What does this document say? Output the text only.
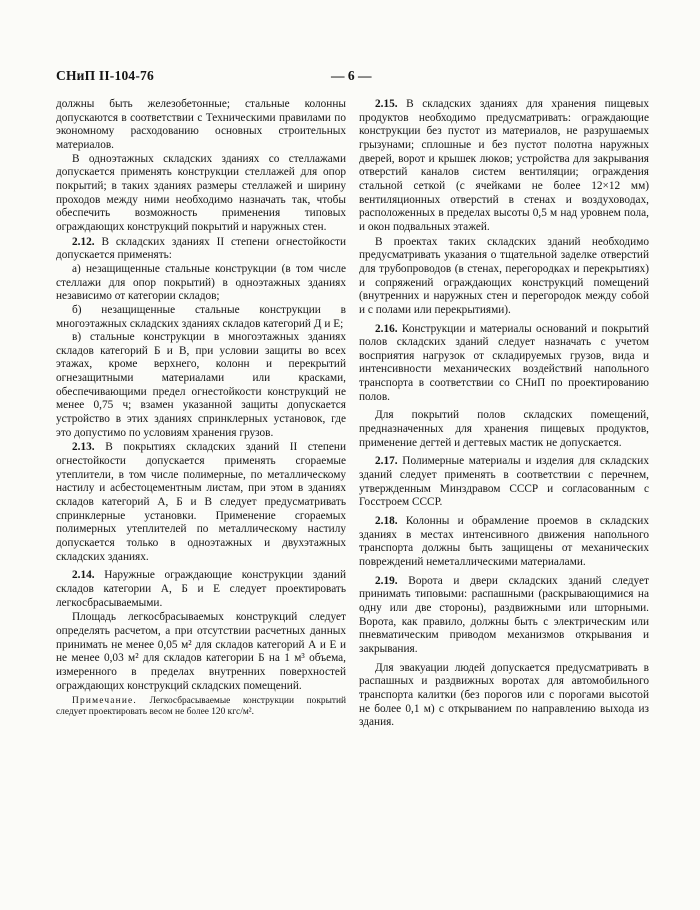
СНиП II-104-76	— 6 —

должны быть железобетонные; стальные колонны допускаются в соответствии с Техническими правилами по экономному расходованию основных строительных материалов.

В одноэтажных складских зданиях со стеллажами допускается применять конструкции стеллажей для опор покрытий; в таких зданиях размеры стеллажей и ширину проходов между ними необходимо назначать так, чтобы обеспечить возможность применения типовых ограждающих конструкций покрытий и наружных стен.

2.12. В складских зданиях II степени огнестойкости допускается применять:

а) незащищенные стальные конструкции (в том числе стеллажи для опор покрытий) в одноэтажных зданиях независимо от категории складов;

б) незащищенные стальные конструкции в многоэтажных складских зданиях складов категорий Д и Е;

в) стальные конструкции в многоэтажных зданиях складов категорий Б и В, при условии защиты во всех этажах, кроме верхнего, колонн и перекрытий огнезащитными материалами или красками, обеспечивающими предел огнестойкости конструкций не менее 0,75 ч; взамен указанной защиты допускается устройство в этих зданиях спринклерных установок, где это допустимо по условиям хранения грузов.

2.13. В покрытиях складских зданий II степени огнестойкости допускается применять сгораемые утеплители, в том числе полимерные, по металлическому настилу и асбестоцементным листам, при этом в зданиях складов категорий А, Б и В следует предусматривать спринклерные установки. Применение сгораемых полимерных утеплителей по металлическому настилу допускается только в одноэтажных и двухэтажных складских зданиях.

2.14. Наружные ограждающие конструкции зданий складов категории А, Б и Е следует проектировать легкосбрасываемыми.

Площадь легкосбрасываемых конструкций следует определять расчетом, а при отсутствии расчетных данных принимать не менее 0,05 м² для складов категорий А и Е и не менее 0,03 м² для складов категории Б на 1 м³ объема, измеренного в пределах внутренних поверхностей ограждающих конструкций складских помещений.

Примечание. Легкосбрасываемые конструкции покрытий следует проектировать весом не более 120 кгс/м².

2.15. В складских зданиях для хранения пищевых продуктов необходимо предусматривать: ограждающие конструкции без пустот из материалов, не разрушаемых грызунами; сплошные и без пустот полотна наружных дверей, ворот и крышек люков; устройства для закрывания отверстий каналов систем вентиляции; ограждения стальной сеткой (с ячейками не более 12×12 мм) вентиляционных отверстий в стенах и воздуховодах, расположенных в пределах высоты 0,5 м над уровнем пола, и окон подвальных этажей.

В проектах таких складских зданий необходимо предусматривать указания о тщательной заделке отверстий для трубопроводов (в стенах, перегородках и перекрытиях) и сопряжений ограждающих конструкций помещений (внутренних и наружных стен и перегородок между собой и с полами или перекрытиями).

2.16. Конструкции и материалы оснований и покрытий полов складских зданий следует назначать с учетом восприятия нагрузок от складируемых грузов, вида и интенсивности механических воздействий напольного транспорта в соответствии со СНиП по проектированию полов.

Для покрытий полов складских помещений, предназначенных для хранения пищевых продуктов, применение дегтей и дегтевых мастик не допускается.

2.17. Полимерные материалы и изделия для складских зданий следует применять в соответствии с перечнем, утвержденным Минздравом СССР и согласованным с Госстроем СССР.

2.18. Колонны и обрамление проемов в складских зданиях в местах интенсивного движения напольного транспорта должны быть защищены от механических повреждений неметаллическими материалами.

2.19. Ворота и двери складских зданий следует принимать типовыми: распашными (раскрывающимися на одну или две стороны), раздвижными или шторными. Ворота, как правило, должны быть с электрическим или пневматическим приводом механизмов открывания и закрывания.

Для эвакуации людей допускается предусматривать в распашных и раздвижных воротах для автомобильного транспорта калитки (без порогов или с порогами высотой не более 0,1 м) с открыванием по направлению выхода из здания.
